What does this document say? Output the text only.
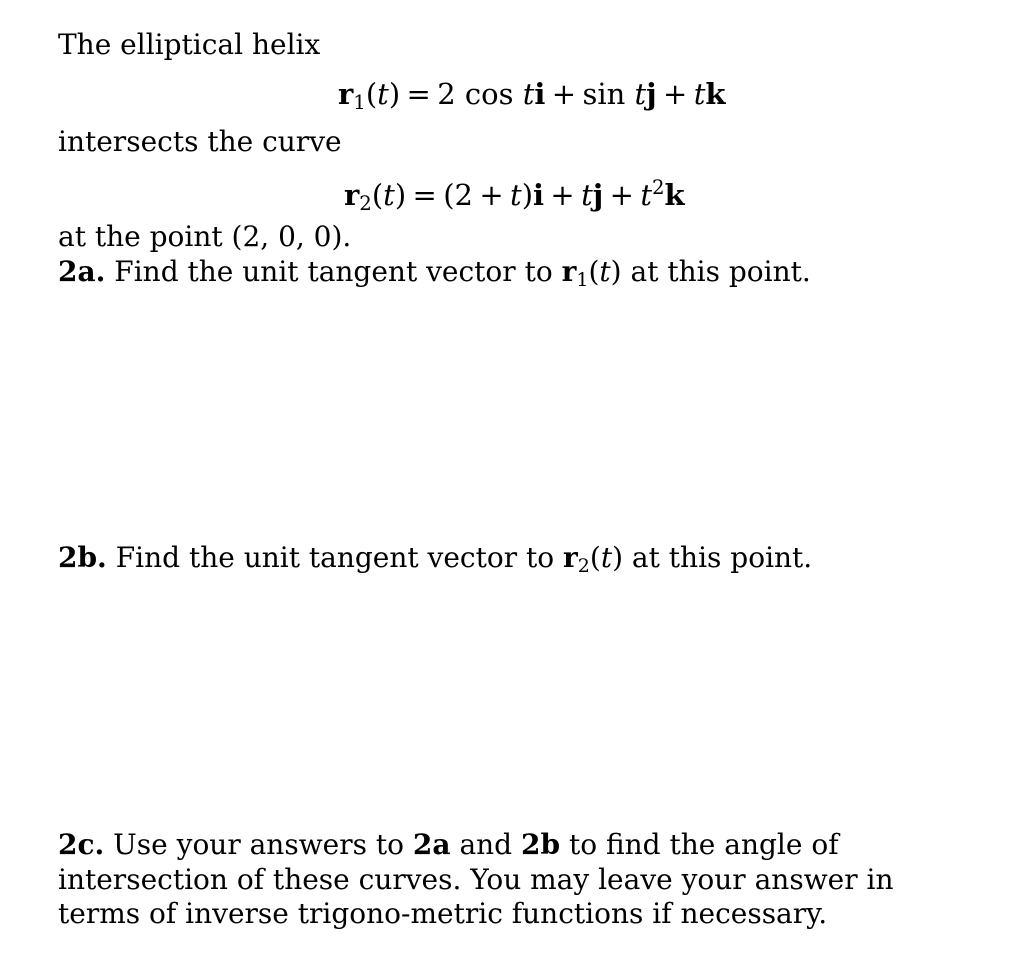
The elliptical helix
$r_1(t) = 2$ cos ti + sin tj + tk
intersects the curve
$r_2(t) = (2 + t)i$ + tj + $t^2k$
at the point (2, 0, 0).
2a. Find the unit tangent vector to $r_1(t)$ at this point.
2b. Find the unit tangent vector to $r_2(t)$ at this point.
2c. Use your answers to 2a and 2b to find the angle of intersection of these curves. You may leave your answer in terms of inverse trigono-metric functions if necessary.
